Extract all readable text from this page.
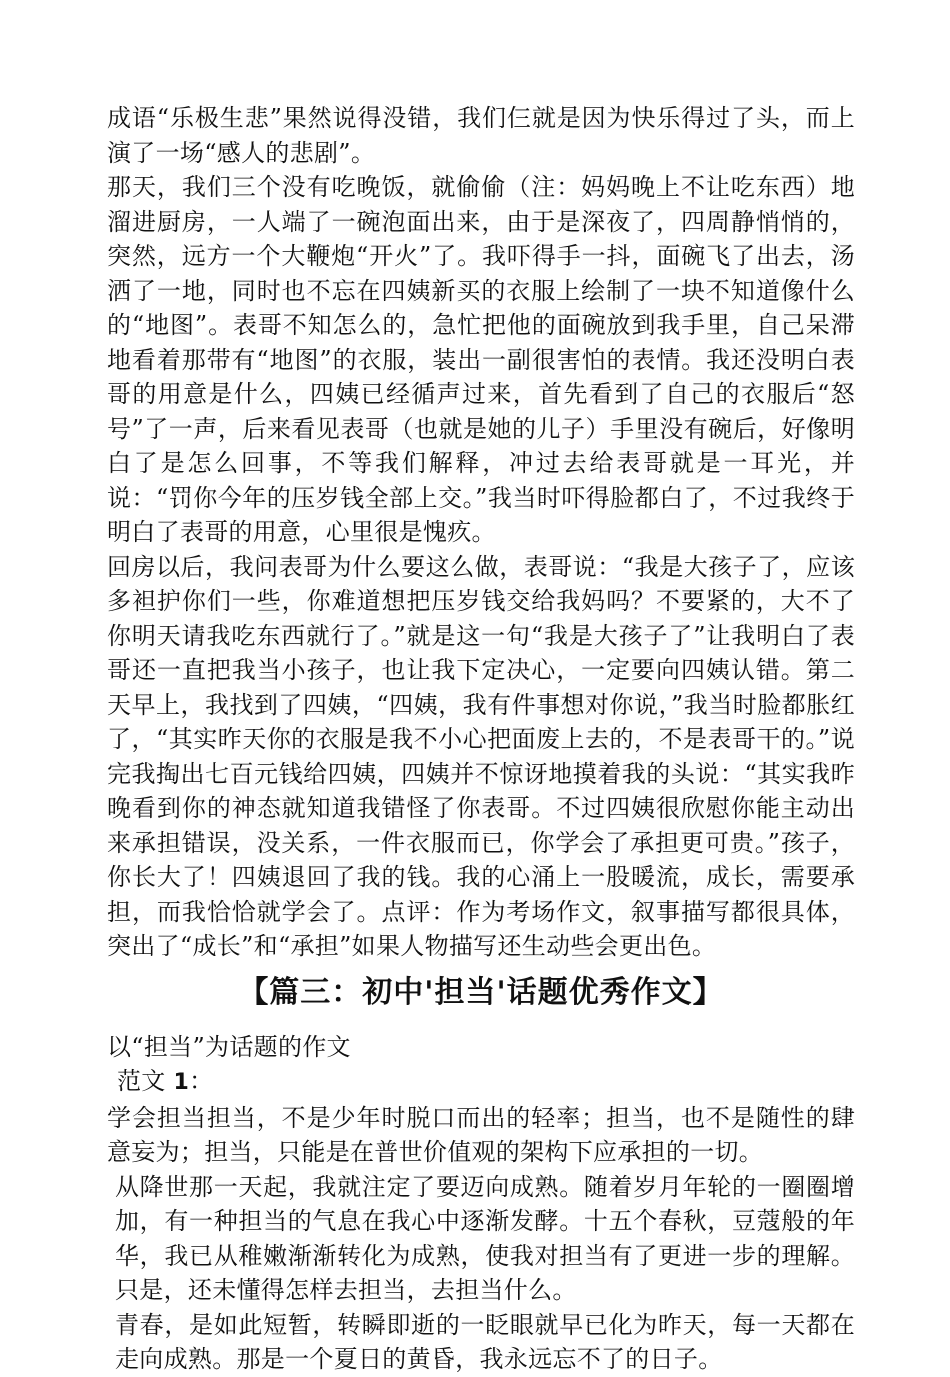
成语“乐极生悲”果然说得没错，我们仨就是因为快乐得过了头，而上演了一场“感人的悲剧”。

那天，我们三个没有吃晚饭，就偷偷（注：妈妈晚上不让吃东西）地溜进厨房，一人端了一碗泡面出来，由于是深夜了，四周静悄悄的，突然，远方一个大鞭炮“开火”了。我吓得手一抖，面碗飞了出去，汤洒了一地，同时也不忘在四姨新买的衣服上绘制了一块不知道像什么的“地图”。表哥不知怎么的，急忙把他的面碗放到我手里，自己呆滞地看着那带有“地图”的衣服，装出一副很害怕的表情。我还没明白表哥的用意是什么，四姨已经循声过来，首先看到了自己的衣服后“怒号”了一声，后来看见表哥（也就是她的儿子）手里没有碗后，好像明白了是怎么回事，不等我们解释，冲过去给表哥就是一耳光，并说：“罚你今年的压岁钱全部上交。”我当时吓得脸都白了，不过我终于明白了表哥的用意，心里很是愧疚。

回房以后，我问表哥为什么要这么做，表哥说：“我是大孩子了，应该多袒护你们一些，你难道想把压岁钱交给我妈吗？不要紧的，大不了你明天请我吃东西就行了。”就是这一句“我是大孩子了”让我明白了表哥还一直把我当小孩子，也让我下定决心，一定要向四姨认错。第二天早上，我找到了四姨，“四姨，我有件事想对你说，”我当时脸都胀红了，“其实昨天你的衣服是我不小心把面废上去的，不是表哥干的。”说完我掏出七百元钱给四姨，四姨并不惊讶地摸着我的头说：“其实我昨晚看到你的神态就知道我错怪了你表哥。不过四姨很欣慰你能主动出来承担错误，没关系，一件衣服而已，你学会了承担更可贵。”孩子，你长大了！四姨退回了我的钱。我的心涌上一股暖流，成长，需要承担，而我恰恰就学会了。点评：作为考场作文，叙事描写都很具体，突出了“成长”和“承担”如果人物描写还生动些会更出色。

【篇三：初中'担当'话题优秀作文】

以“担当”为话题的作文

范文 1：

学会担当担当，不是少年时脱口而出的轻率；担当，也不是随性的肆意妄为；担当，只能是在普世价值观的架构下应承担的一切。

从降世那一天起，我就注定了要迈向成熟。随着岁月年轮的一圈圈增加，有一种担当的气息在我心中逐渐发酵。十五个春秋，豆蔻般的年华，我已从稚嫩渐渐转化为成熟，使我对担当有了更进一步的理解。只是，还未懂得怎样去担当，去担当什么。

青春，是如此短暂，转瞬即逝的一眨眼就早已化为昨天，每一天都在走向成熟。那是一个夏日的黄昏，我永远忘不了的日子。
